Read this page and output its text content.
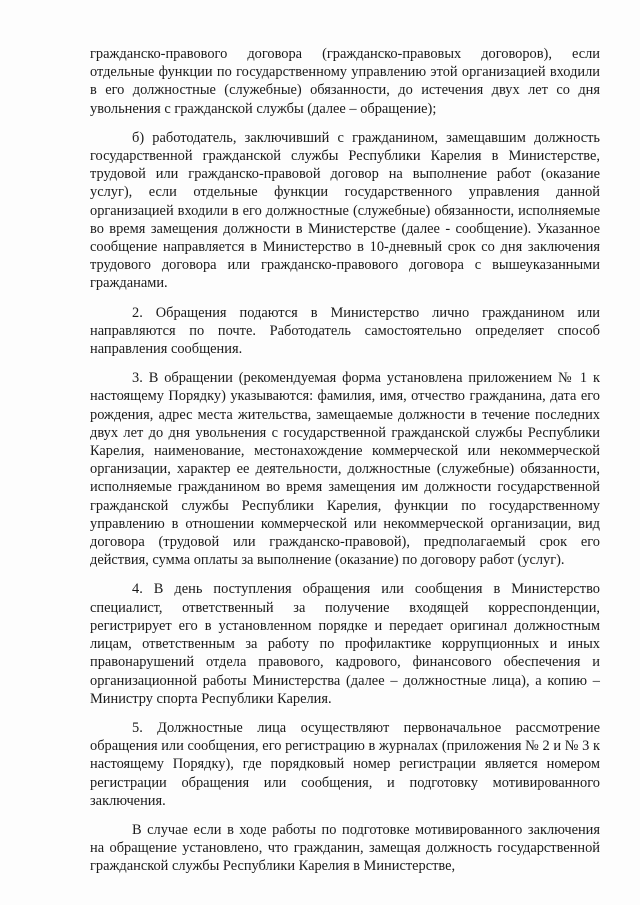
гражданско-правового договора (гражданско-правовых договоров), если отдельные функции по государственному управлению этой организацией входили в его должностные (служебные) обязанности, до истечения двух лет со дня увольнения с гражданской службы (далее – обращение);

б) работодатель, заключивший с гражданином, замещавшим должность государственной гражданской службы Республики Карелия в Министерстве, трудовой или гражданско-правовой договор на выполнение работ (оказание услуг), если отдельные функции государственного управления данной организацией входили в его должностные (служебные) обязанности, исполняемые во время замещения должности в Министерстве (далее - сообщение). Указанное сообщение направляется в Министерство в 10-дневный срок со дня заключения трудового договора или гражданско-правового договора с вышеуказанными гражданами.

2. Обращения подаются в Министерство лично гражданином или направляются по почте. Работодатель самостоятельно определяет способ направления сообщения.

3. В обращении (рекомендуемая форма установлена приложением № 1 к настоящему Порядку) указываются: фамилия, имя, отчество гражданина, дата его рождения, адрес места жительства, замещаемые должности в течение последних двух лет до дня увольнения с государственной гражданской службы Республики Карелия, наименование, местонахождение коммерческой или некоммерческой организации, характер ее деятельности, должностные (служебные) обязанности, исполняемые гражданином во время замещения им должности государственной гражданской службы Республики Карелия, функции по государственному управлению в отношении коммерческой или некоммерческой организации, вид договора (трудовой или гражданско-правовой), предполагаемый срок его действия, сумма оплаты за выполнение (оказание) по договору работ (услуг).

4. В день поступления обращения или сообщения в Министерство специалист, ответственный за получение входящей корреспонденции, регистрирует его в установленном порядке и передает оригинал должностным лицам, ответственным за работу по профилактике коррупционных и иных правонарушений отдела правового, кадрового, финансового обеспечения и организационной работы Министерства (далее – должностные лица), а копию – Министру спорта Республики Карелия.

5. Должностные лица осуществляют первоначальное рассмотрение обращения или сообщения, его регистрацию в журналах (приложения № 2 и № 3 к настоящему Порядку), где порядковый номер регистрации является номером регистрации обращения или сообщения, и подготовку мотивированного заключения.

В случае если в ходе работы по подготовке мотивированного заключения на обращение установлено, что гражданин, замещая должность государственной гражданской службы Республики Карелия в Министерстве,
